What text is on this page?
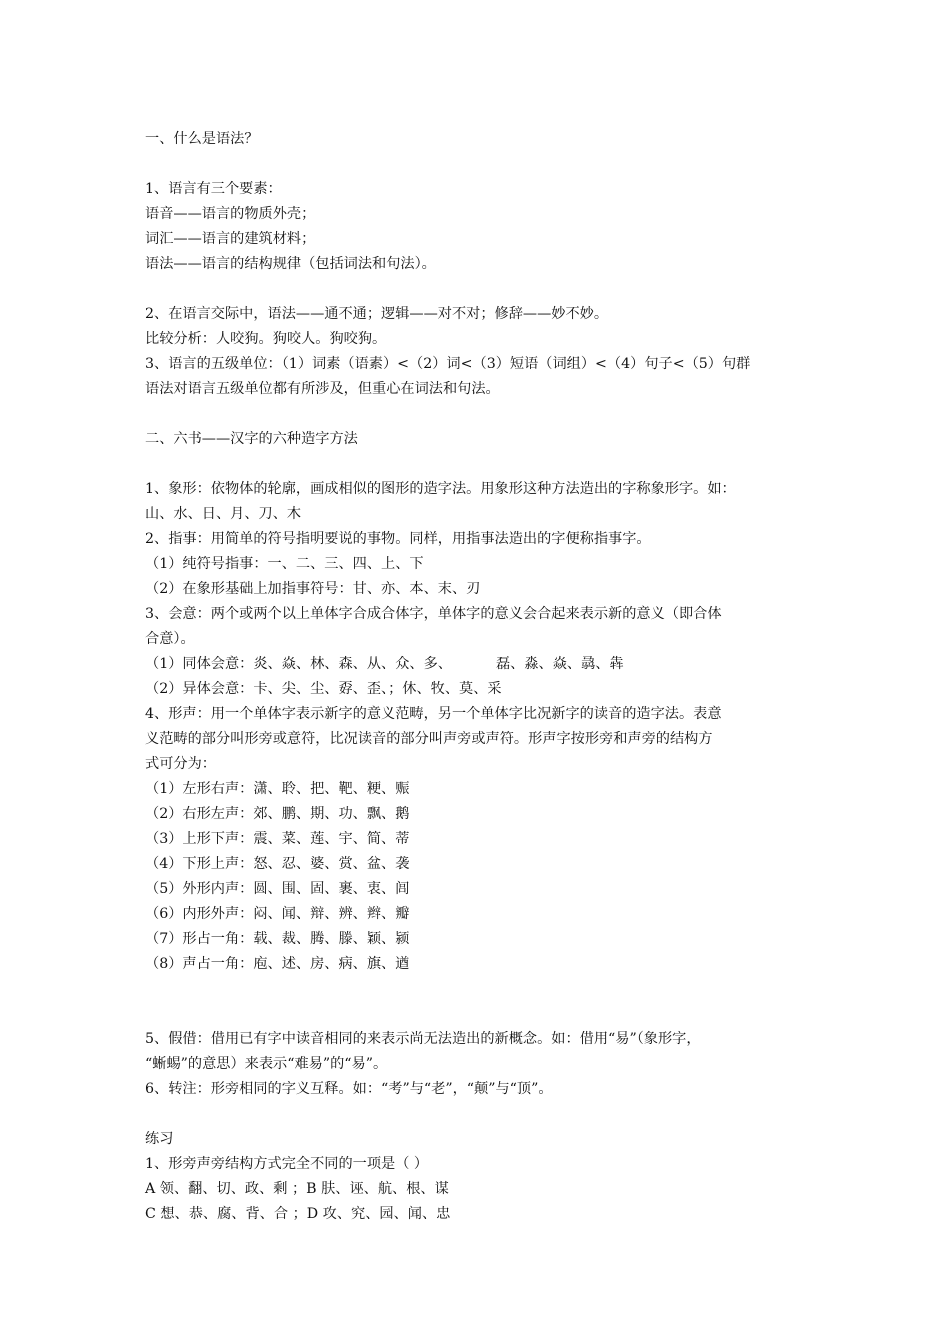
一、什么是语法？

1、语言有三个要素：

语音——语言的物质外壳；

词汇——语言的建筑材料；

语法——语言的结构规律（包括词法和句法）。

2、在语言交际中，语法——通不通；逻辑——对不对；修辞——妙不妙。

比较分析：人咬狗。狗咬人。狗咬狗。

3、语言的五级单位：（1）词素（语素）<（2）词<（3）短语（词组）<（4）句子<（5）句群

语法对语言五级单位都有所涉及，但重心在词法和句法。

二、六书——汉字的六种造字方法

1、象形：依物体的轮廓，画成相似的图形的造字法。用象形这种方法造出的字称象形字。如：

山、水、日、月、刀、木

2、指事：用简单的符号指明要说的事物。同样，用指事法造出的字便称指事字。

（1）纯符号指事：一、二、三、四、上、下

（2）在象形基础上加指事符号：甘、亦、本、末、刃

3、会意：两个或两个以上单体字合成合体字，单体字的意义会合起来表示新的意义（即合体

合意）。

（1）同体会意：炎、焱、林、森、从、众、多、	磊、淼、焱、骉、犇

（2）异体会意：卡、尖、尘、孬、歪、；休、牧、莫、采

4、形声：用一个单体字表示新字的意义范畴，另一个单体字比况新字的读音的造字法。表意

义范畴的部分叫形旁或意符，比况读音的部分叫声旁或声符。形声字按形旁和声旁的结构方

式可分为：

（1）左形右声：潇、聆、把、靶、粳、赈

（2）右形左声：郊、鹏、期、功、飘、鹅

（3）上形下声：震、菜、莲、宇、简、蒂

（4）下形上声：怒、忍、婆、赏、盆、袭

（5）外形内声：圆、围、固、裹、衷、闾

（6）内形外声：闷、闻、辩、辨、辫、瓣

（7）形占一角：载、裁、腾、滕、颖、颍

（8）声占一角：庖、述、房、病、旗、遒

5、假借：借用已有字中读音相同的来表示尚无法造出的新概念。如：借用“易”（象形字，

“蜥蜴”的意思）来表示“难易”的“易”。

6、转注：形旁相同的字义互释。如：“考”与“老”，“颠”与“顶”。

练习

1、形旁声旁结构方式完全不同的一项是（ ）

A 领、翻、切、政、剩 ；B 肤、诬、航、根、谋

C 想、恭、腐、背、合 ；D 攻、究、园、闻、忠
